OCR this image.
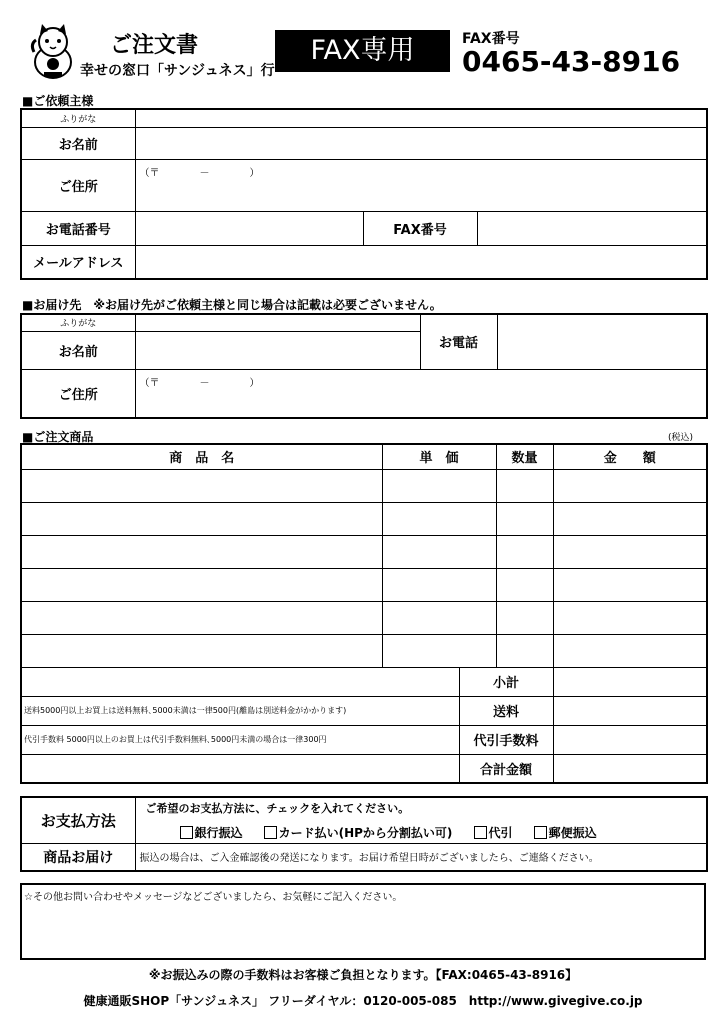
ご注文書
幸せの窓口「サンジュネス」行
FAX専用	FAX番号
0465-43-8916
■ご依頼主様
ふりがな			
お名前			
ご住所	（〒　　　　－　　　　）		

お電話番号		FAX番号	
メールアドレス			
■お届け先　※お届け先がご依頼主様と同じ場合は記載は必要ございません。
ふりがな		お電話	
お名前			
ご住所	（〒　　　　－　　　　）		
■ご注文商品	(税込)
商　品　名	単　価		数量	金　　額

		小計		
送料5000円以上お買上は送料無料､5000未満は一律500円(離島は別送料金がかかります)		送料		
代引手数料 5000円以上のお買上は代引手数料無料､5000円未満の場合は一律300円		代引手数料		
		合計金額		
お支払方法	ご希望のお支払方法に、チェックを入れてください。
銀行振込 カード払い(HPから分割払い可) 代引 郵便振込

商品お届け	振込の場合は、ご入金確認後の発送になります。お届け希望日時がございましたら、ご連絡ください。
☆その他お問い合わせやメッセージなどございましたら、お気軽にご記入ください。
※お振込みの際の手数料はお客様ご負担となります。【FAX:0465-43-8916】
健康通販SHOP「サンジュネス」 フリーダイヤル：0120-005-085　http://www.givegive.co.jp
